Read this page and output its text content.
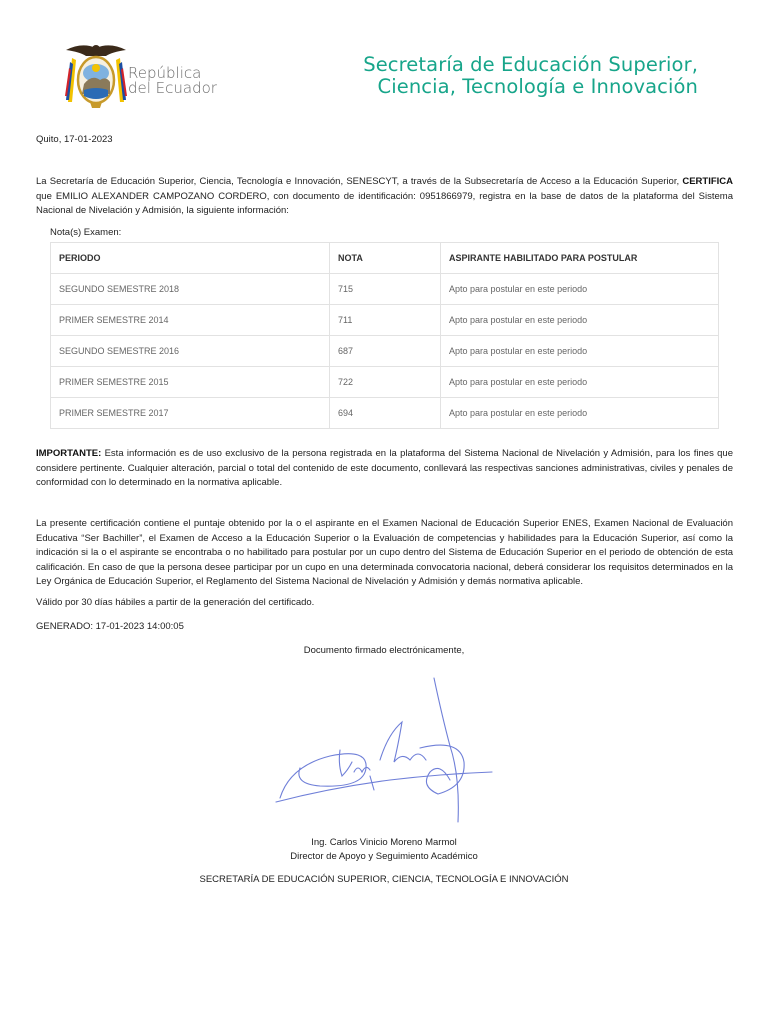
República
del Ecuador
Secretaría de Educación Superior,
Ciencia, Tecnología e Innovación
Quito, 17-01-2023
La Secretaría de Educación Superior, Ciencia, Tecnología e Innovación, SENESCYT, a través de la Subsecretaría de Acceso a la Educación Superior, CERTIFICA que EMILIO ALEXANDER CAMPOZANO CORDERO, con documento de identificación: 0951866979, registra en la base de datos de la plataforma del Sistema Nacional de Nivelación y Admisión, la siguiente información:
Nota(s) Examen:
PERIODO	NOTA	ASPIRANTE HABILITADO PARA POSTULAR
SEGUNDO SEMESTRE 2018	715	Apto para postular en este periodo
PRIMER SEMESTRE 2014	711	Apto para postular en este periodo
SEGUNDO SEMESTRE 2016	687	Apto para postular en este periodo
PRIMER SEMESTRE 2015	722	Apto para postular en este periodo
PRIMER SEMESTRE 2017	694	Apto para postular en este periodo
IMPORTANTE: Esta información es de uso exclusivo de la persona registrada en la plataforma del Sistema Nacional de Nivelación y Admisión, para los fines que considere pertinente. Cualquier alteración, parcial o total del contenido de este documento, conllevará las respectivas sanciones administrativas, civiles y penales de conformidad con lo determinado en la normativa aplicable.
La presente certificación contiene el puntaje obtenido por la o el aspirante en el Examen Nacional de Educación Superior ENES, Examen Nacional de Evaluación Educativa “Ser Bachiller”, el Examen de Acceso a la Educación Superior o la Evaluación de competencias y habilidades para la Educación Superior, así como la indicación si la o el aspirante se encontraba o no habilitado para postular por un cupo dentro del Sistema de Educación Superior en el periodo de obtención de esta calificación. En caso de que la persona desee participar por un cupo en una determinada convocatoria nacional, deberá considerar los requisitos determinados en la Ley Orgánica de Educación Superior, el Reglamento del Sistema Nacional de Nivelación y Admisión y demás normativa aplicable.
Válido por 30 días hábiles a partir de la generación del certificado.
GENERADO: 17-01-2023 14:00:05
Documento firmado electrónicamente,
Ing. Carlos Vinicio Moreno Marmol
Director de Apoyo y Seguimiento Académico
SECRETARÍA DE EDUCACIÓN SUPERIOR, CIENCIA, TECNOLOGÍA E INNOVACIÓN
